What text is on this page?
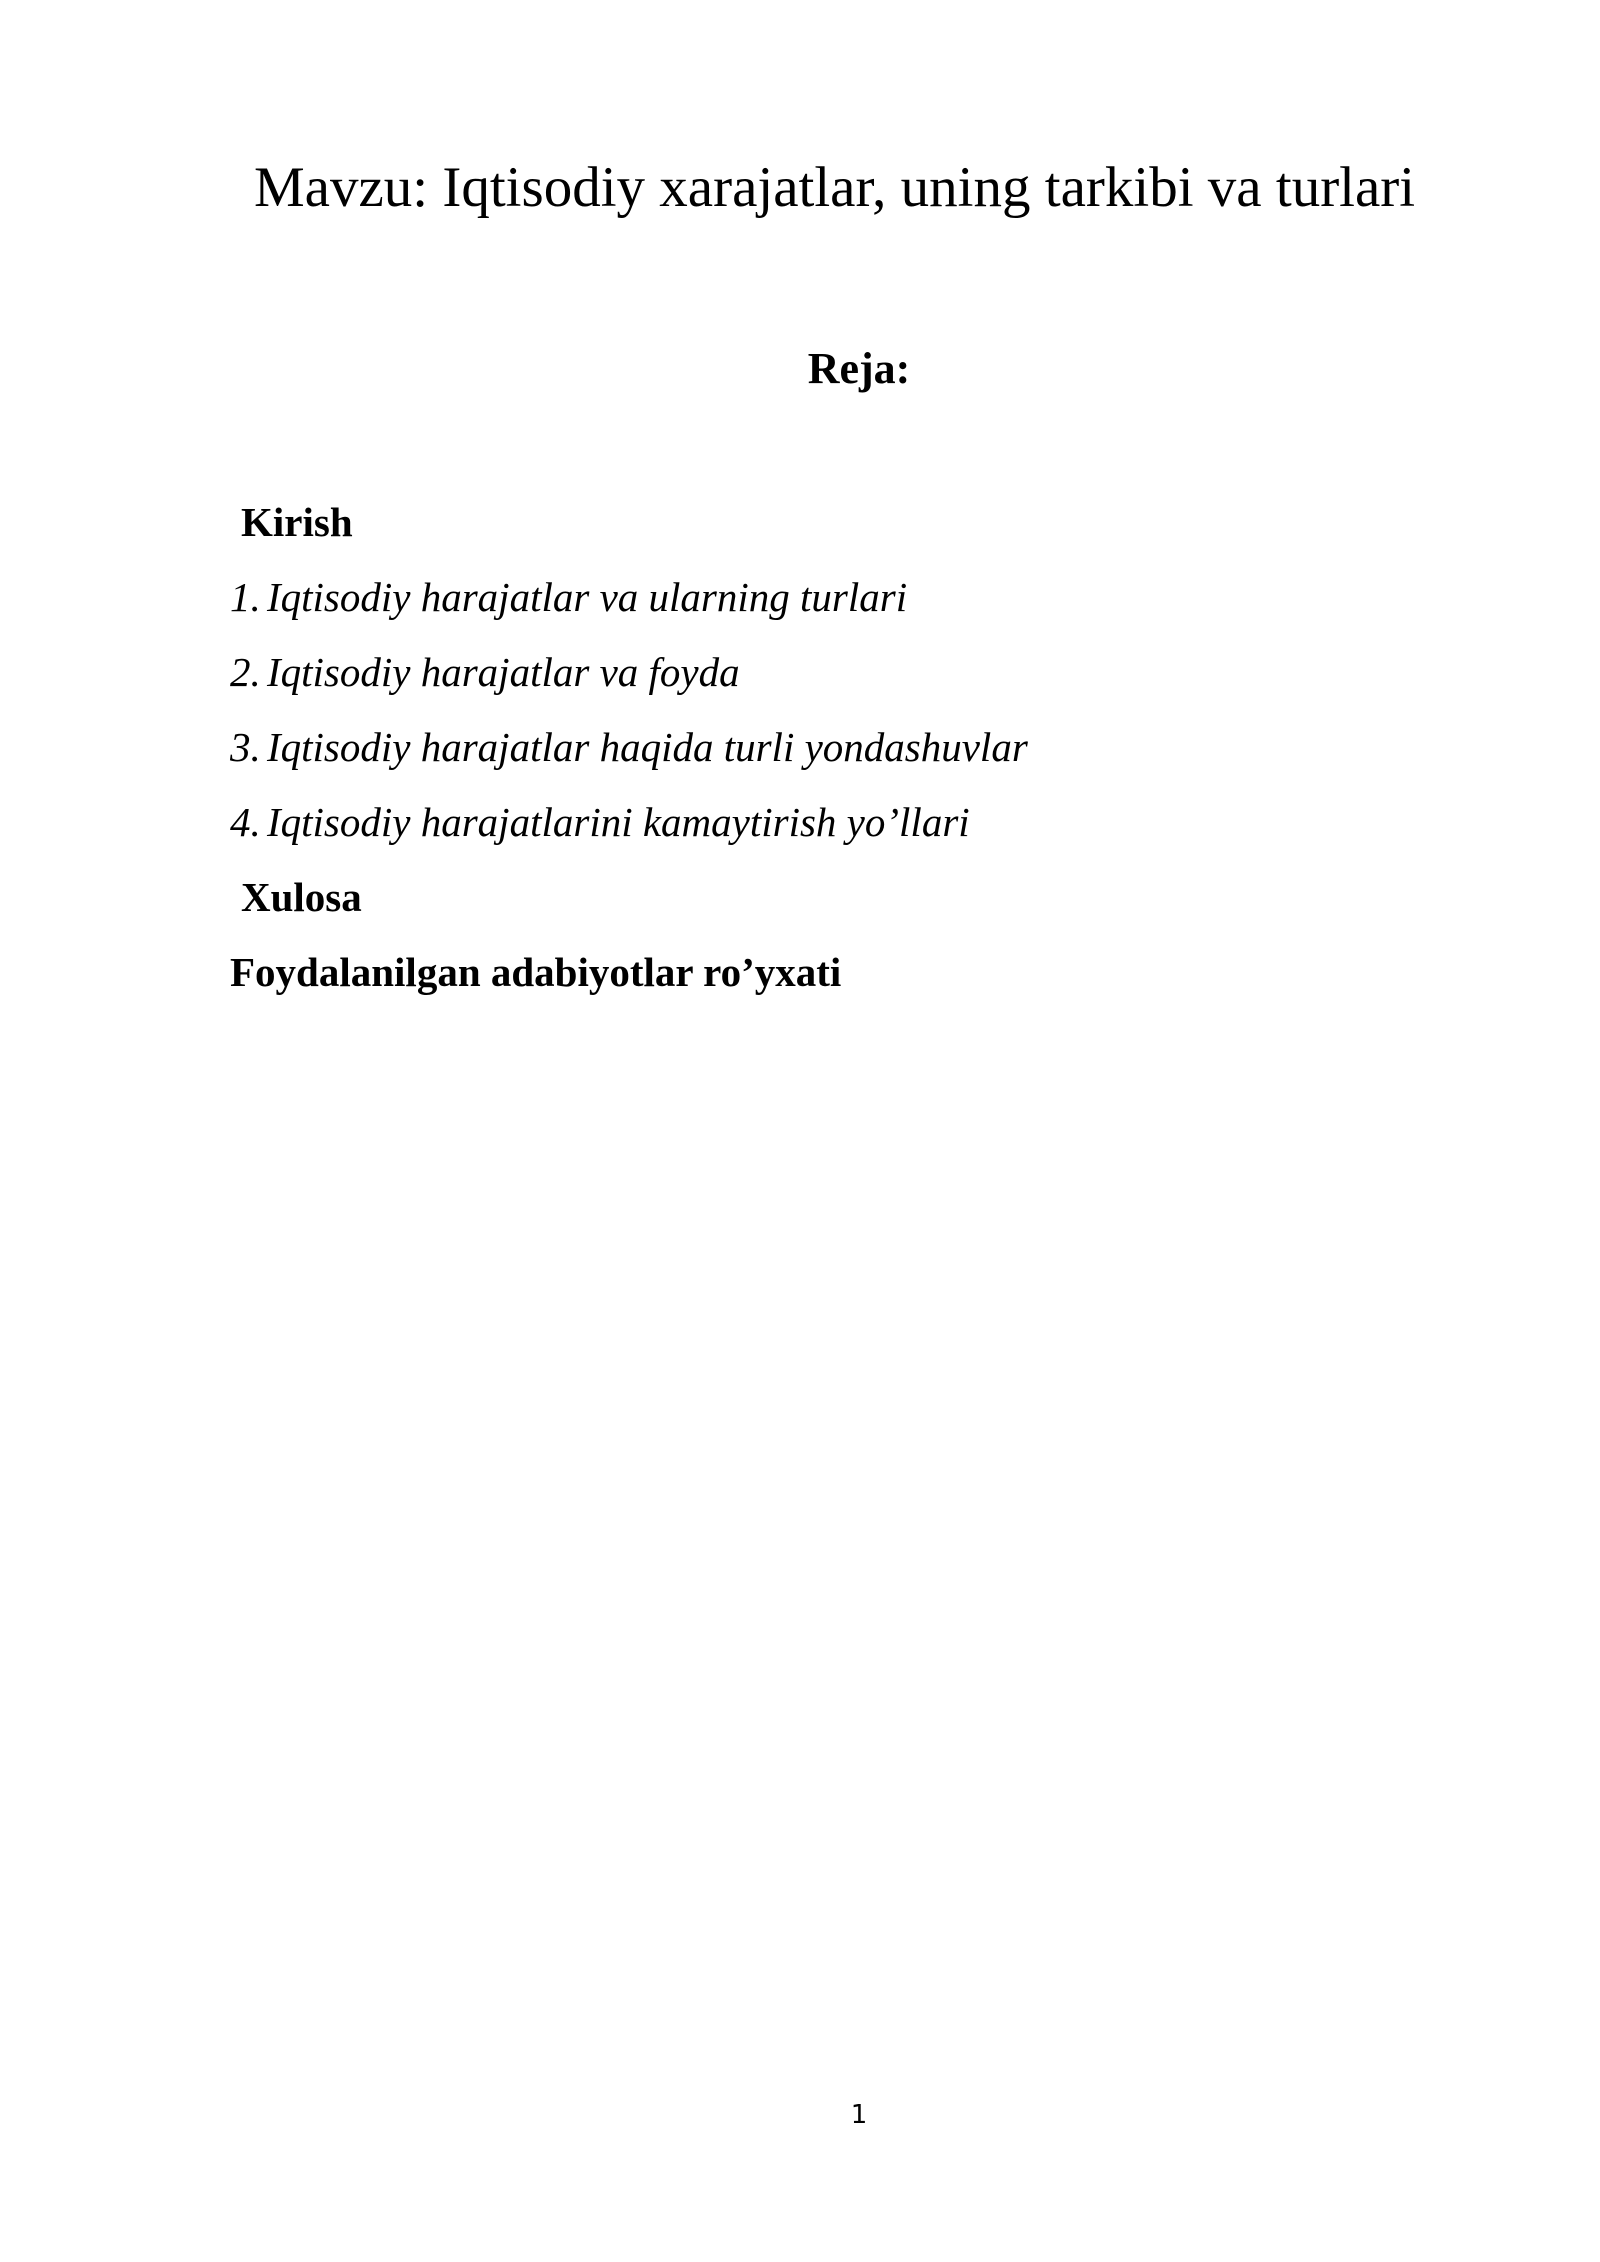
Mavzu: Iqtisodiy xarajatlar, uning tarkibi va turlari
Reja:
Kirish
1. Iqtisodiy harajatlar va ularning turlari
2. Iqtisodiy harajatlar va foyda
3. Iqtisodiy harajatlar haqida turli yondashuvlar
4. Iqtisodiy harajatlarini kamaytirish yo’llari
Xulosa
Foydalanilgan adabiyotlar ro’yxati
1
